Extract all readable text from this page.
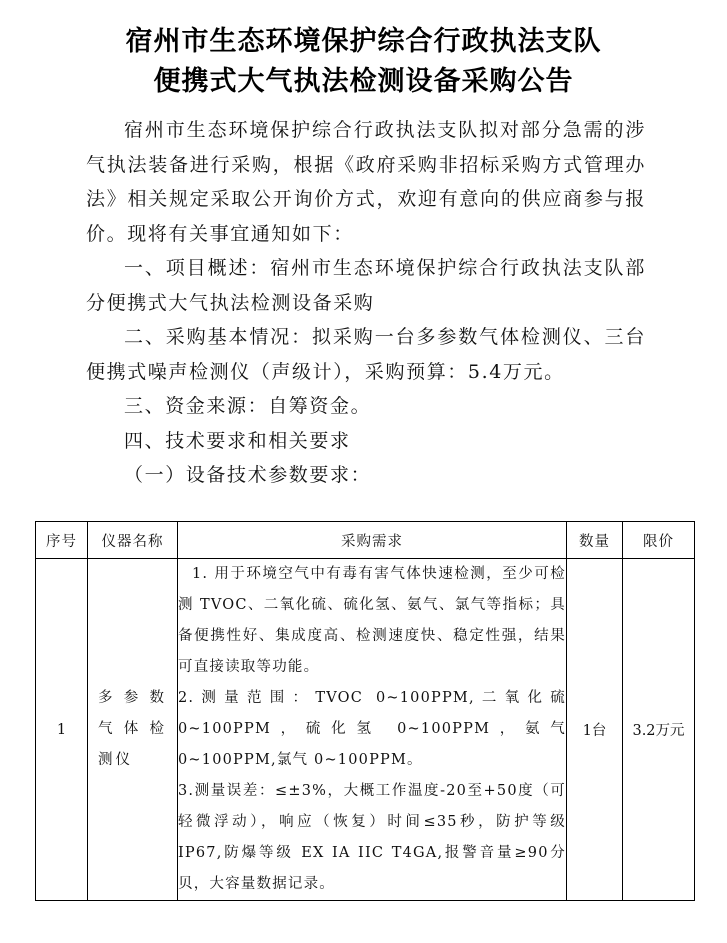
宿州市生态环境保护综合行政执法支队
便携式大气执法检测设备采购公告

宿州市生态环境保护综合行政执法支队拟对部分急需的涉气执法装备进行采购，根据《政府采购非招标采购方式管理办法》相关规定采取公开询价方式，欢迎有意向的供应商参与报价。现将有关事宜通知如下：

一、项目概述：宿州市生态环境保护综合行政执法支队部分便携式大气执法检测设备采购

二、采购基本情况：拟采购一台多参数气体检测仪、三台便携式噪声检测仪（声级计），采购预算：5.4万元。

三、资金来源：自筹资金。

四、技术要求和相关要求

（一）设备技术参数要求：

序号	仪器名称	采购需求	数量	限价
1	多参数气体检测仪	1. 用于环境空气中有毒有害气体快速检测，至少可检测 TVOC、二氧化硫、硫化氢、氨气、氯气等指标；具备便携性好、集成度高、检测速度快、稳定性强，结果可直接读取等功能。
2.测量范围：TVOC 0~100PPM,二氧化硫 0~100PPM，硫化氢 0~100PPM，氨气 0~100PPM,氯气 0~100PPM。
3.测量误差：≤±3%，大概工作温度-20至+50度（可轻微浮动），响应（恢复）时间≤35秒，防护等级 IP67,防爆等级 EX IA IIC T4GA,报警音量≥90分贝，大容量数据记录。	1台	3.2万元
